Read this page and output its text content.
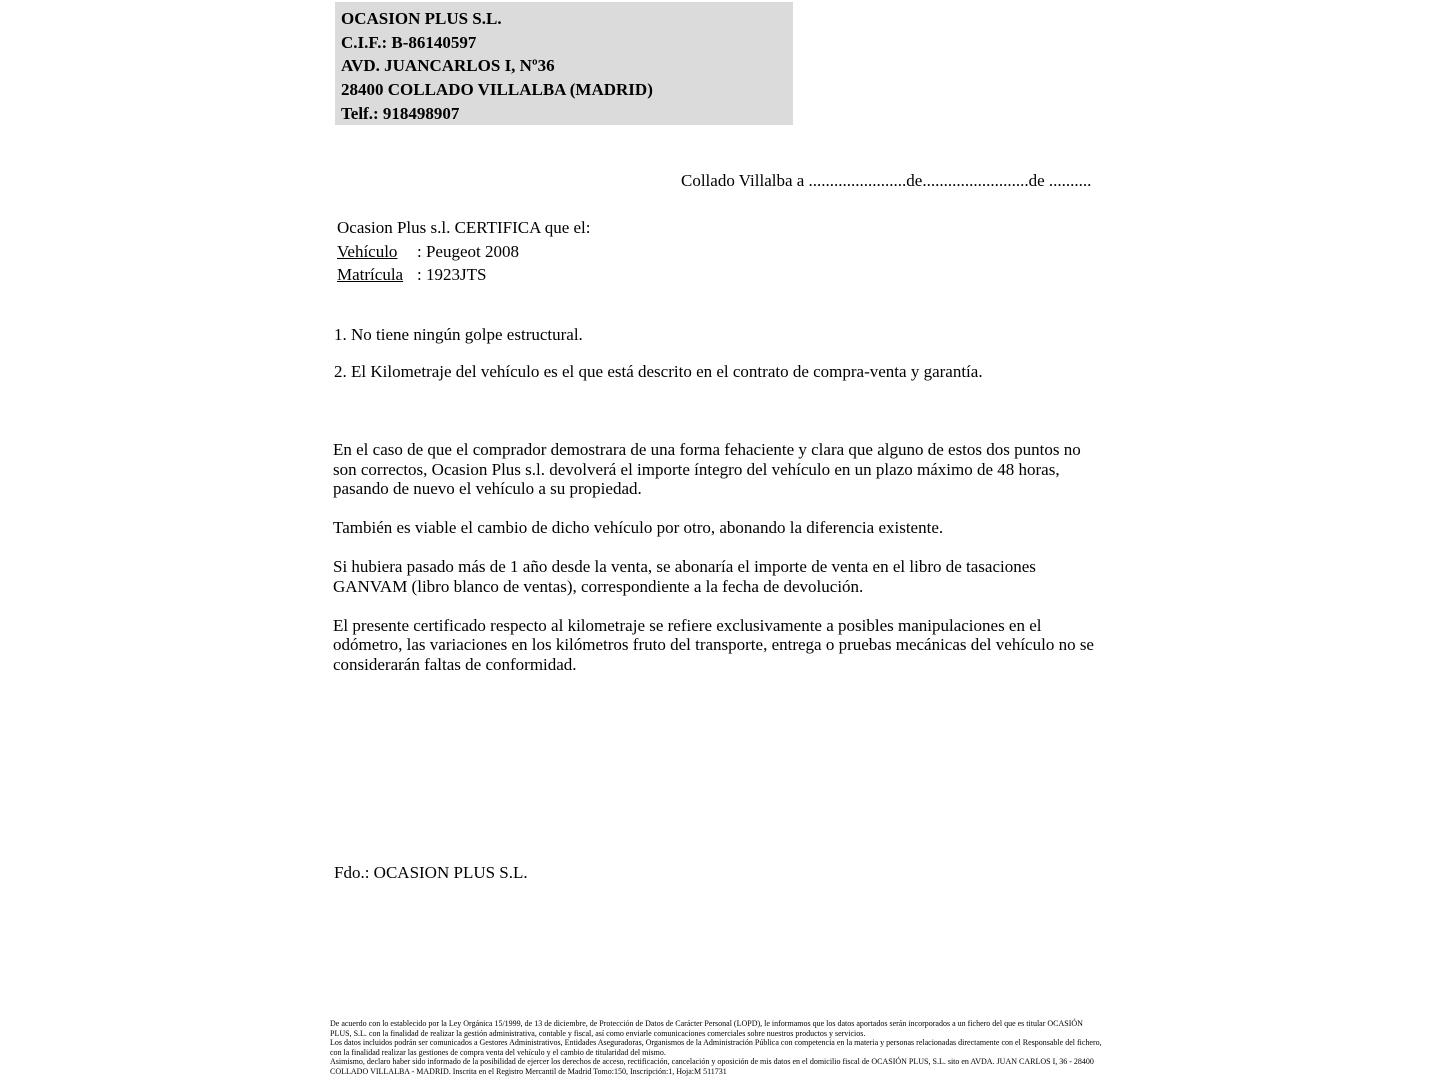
OCASION PLUS S.L.
C.I.F.: B-86140597
AVD. JUANCARLOS I, Nº36
28400 COLLADO VILLALBA (MADRID)
Telf.: 918498907
Collado Villalba a .......................de.........................de ..........
Ocasion Plus s.l. CERTIFICA que el:
Vehículo : Peugeot 2008
Matrícula : 1923JTS
1. No tiene ningún golpe estructural.
2. El Kilometraje del vehículo es el que está descrito en el contrato de compra-venta y garantía.

En el caso de que el comprador demostrara de una forma fehaciente y clara que alguno de estos dos puntos no son correctos, Ocasion Plus s.l. devolverá el importe íntegro del vehículo en un plazo máximo de 48 horas, pasando de nuevo el vehículo a su propiedad.

También es viable el cambio de dicho vehículo por otro, abonando la diferencia existente.

Si hubiera pasado más de 1 año desde la venta, se abonaría el importe de venta en el libro de tasaciones GANVAM (libro blanco de ventas), correspondiente a la fecha de devolución.

El presente certificado respecto al kilometraje se refiere exclusivamente a posibles manipulaciones en el odómetro, las variaciones en los kilómetros fruto del transporte, entrega o pruebas mecánicas del vehículo no se considerarán faltas de conformidad.

Fdo.: OCASION PLUS S.L.

De acuerdo con lo establecido por la Ley Orgánica 15/1999, de 13 de diciembre, de Protección de Datos de Carácter Personal (LOPD), le informamos que los datos aportados serán incorporados a un fichero del que es titular OCASIÓN PLUS, S.L. con la finalidad de realizar la gestión administrativa, contable y fiscal, así como enviarle comunicaciones comerciales sobre nuestros productos y servicios.

Los datos incluidos podrán ser comunicados a Gestores Administrativos, Entidades Aseguradoras, Organismos de la Administración Pública con competencia en la materia y personas relacionadas directamente con el Responsable del fichero, con la finalidad realizar las gestiones de compra venta del vehículo y el cambio de titularidad del mismo.

Asimismo, declaro haber sido informado de la posibilidad de ejercer los derechos de acceso, rectificación, cancelación y oposición de mis datos en el domicilio fiscal de OCASIÓN PLUS, S.L. sito en AVDA. JUAN CARLOS I, 36 - 28400 COLLADO VILLALBA - MADRID. Inscrita en el Registro Mercantil de Madrid Tomo:150, Inscripción:1, Hoja:M 511731
